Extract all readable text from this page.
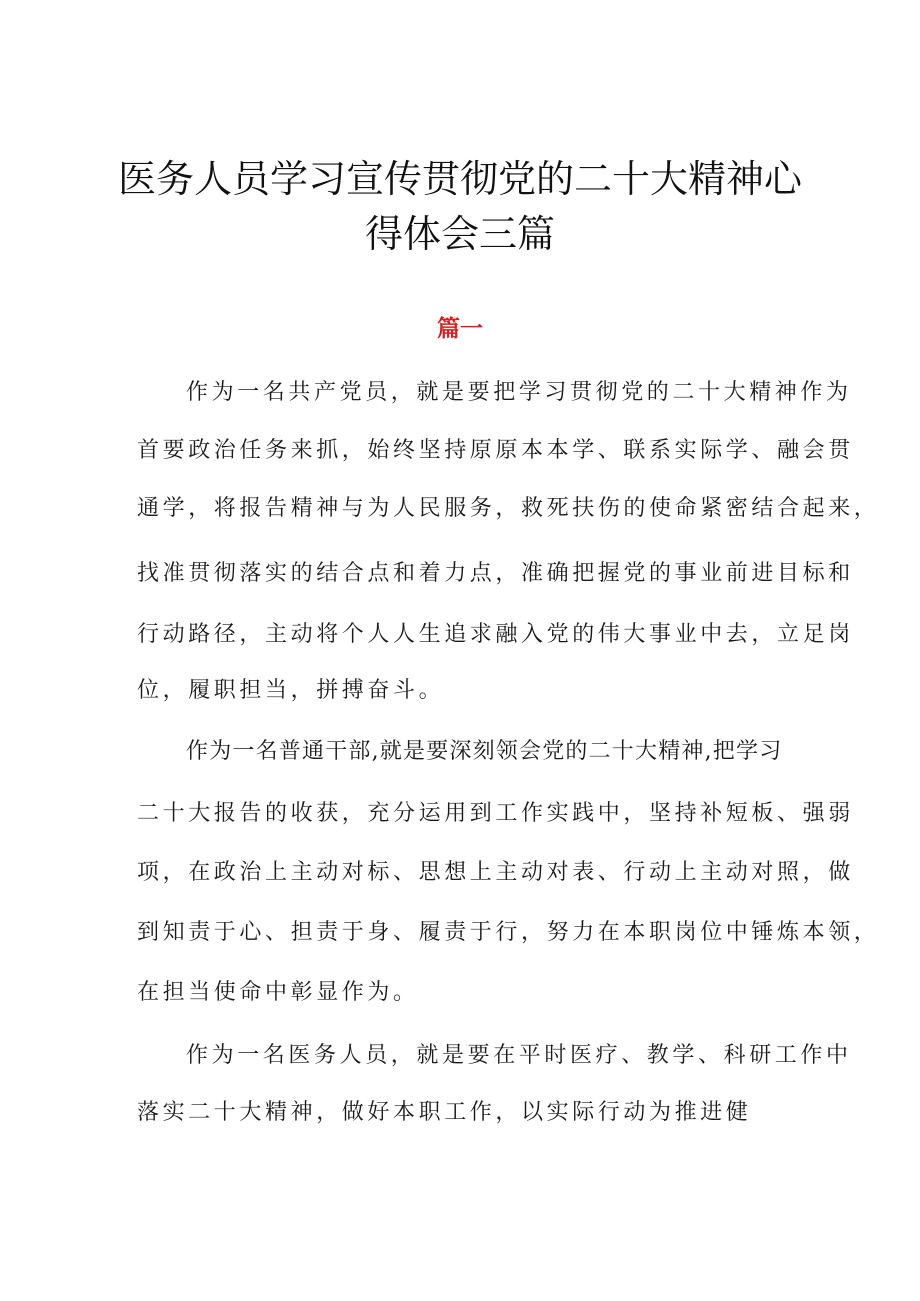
医务人员学习宣传贯彻党的二十大精神心
得体会三篇
篇一
作为一名共产党员，就是要把学习贯彻党的二十大精神作为
首要政治任务来抓，始终坚持原原本本学、联系实际学、融会贯
通学，将报告精神与为人民服务，救死扶伤的使命紧密结合起来，
找准贯彻落实的结合点和着力点，准确把握党的事业前进目标和
行动路径，主动将个人人生追求融入党的伟大事业中去，立足岗
位，履职担当，拼搏奋斗。
作为一名普通干部,就是要深刻领会党的二十大精神,把学习
二十大报告的收获，充分运用到工作实践中，坚持补短板、强弱
项，在政治上主动对标、思想上主动对表、行动上主动对照，做
到知责于心、担责于身、履责于行，努力在本职岗位中锤炼本领，
在担当使命中彰显作为。
作为一名医务人员，就是要在平时医疗、教学、科研工作中
落实二十大精神，做好本职工作，以实际行动为推进健
